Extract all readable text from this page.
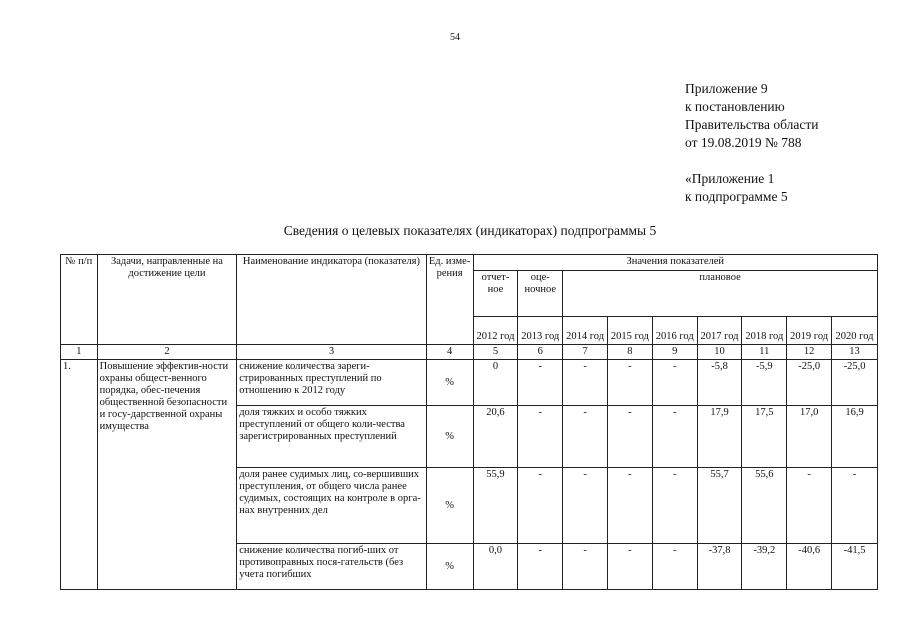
54
Приложение 9
к постановлению
Правительства области
от 19.08.2019 № 788
«Приложение 1
к подпрограмме 5
Сведения о целевых показателях (индикаторах) подпрограммы 5
№ п/п	Задачи, направленные на достижение цели	Наименование индикатора (показателя)	Ед. изме-рения	Значения показателей								
				отчет-ное	оце-ночное	плановое						
				2012 год	2013 год	2014 год	2015 год	2016 год	2017 год	2018 год	2019 год	2020 год
1	2	3	4	5	6	7	8	9	10	11	12	13
1.	Повышение эффектив-ности охраны общест-венного порядка, обес-печения общественной безопасности и госу-дарственной охраны имущества	снижение количества зареги-стрированных преступлений по отношению к 2012 году	%	0	-	-	-	-	-5,8	-5,9	-25,0	-25,0
		доля тяжких и особо тяжких преступлений от общего коли-чества зарегистрированных преступлений	%	20,6	-	-	-	-	17,9	17,5	17,0	16,9
		доля ранее судимых лиц, со-вершивших преступления, от общего числа ранее судимых, состоящих на контроле в орга-нах внутренних дел	%	55,9	-	-	-	-	55,7	55,6	-	-
		снижение количества погиб-ших от противоправных пося-гательств (без учета погибших	%	0,0	-	-	-	-	-37,8	-39,2	-40,6	-41,5
